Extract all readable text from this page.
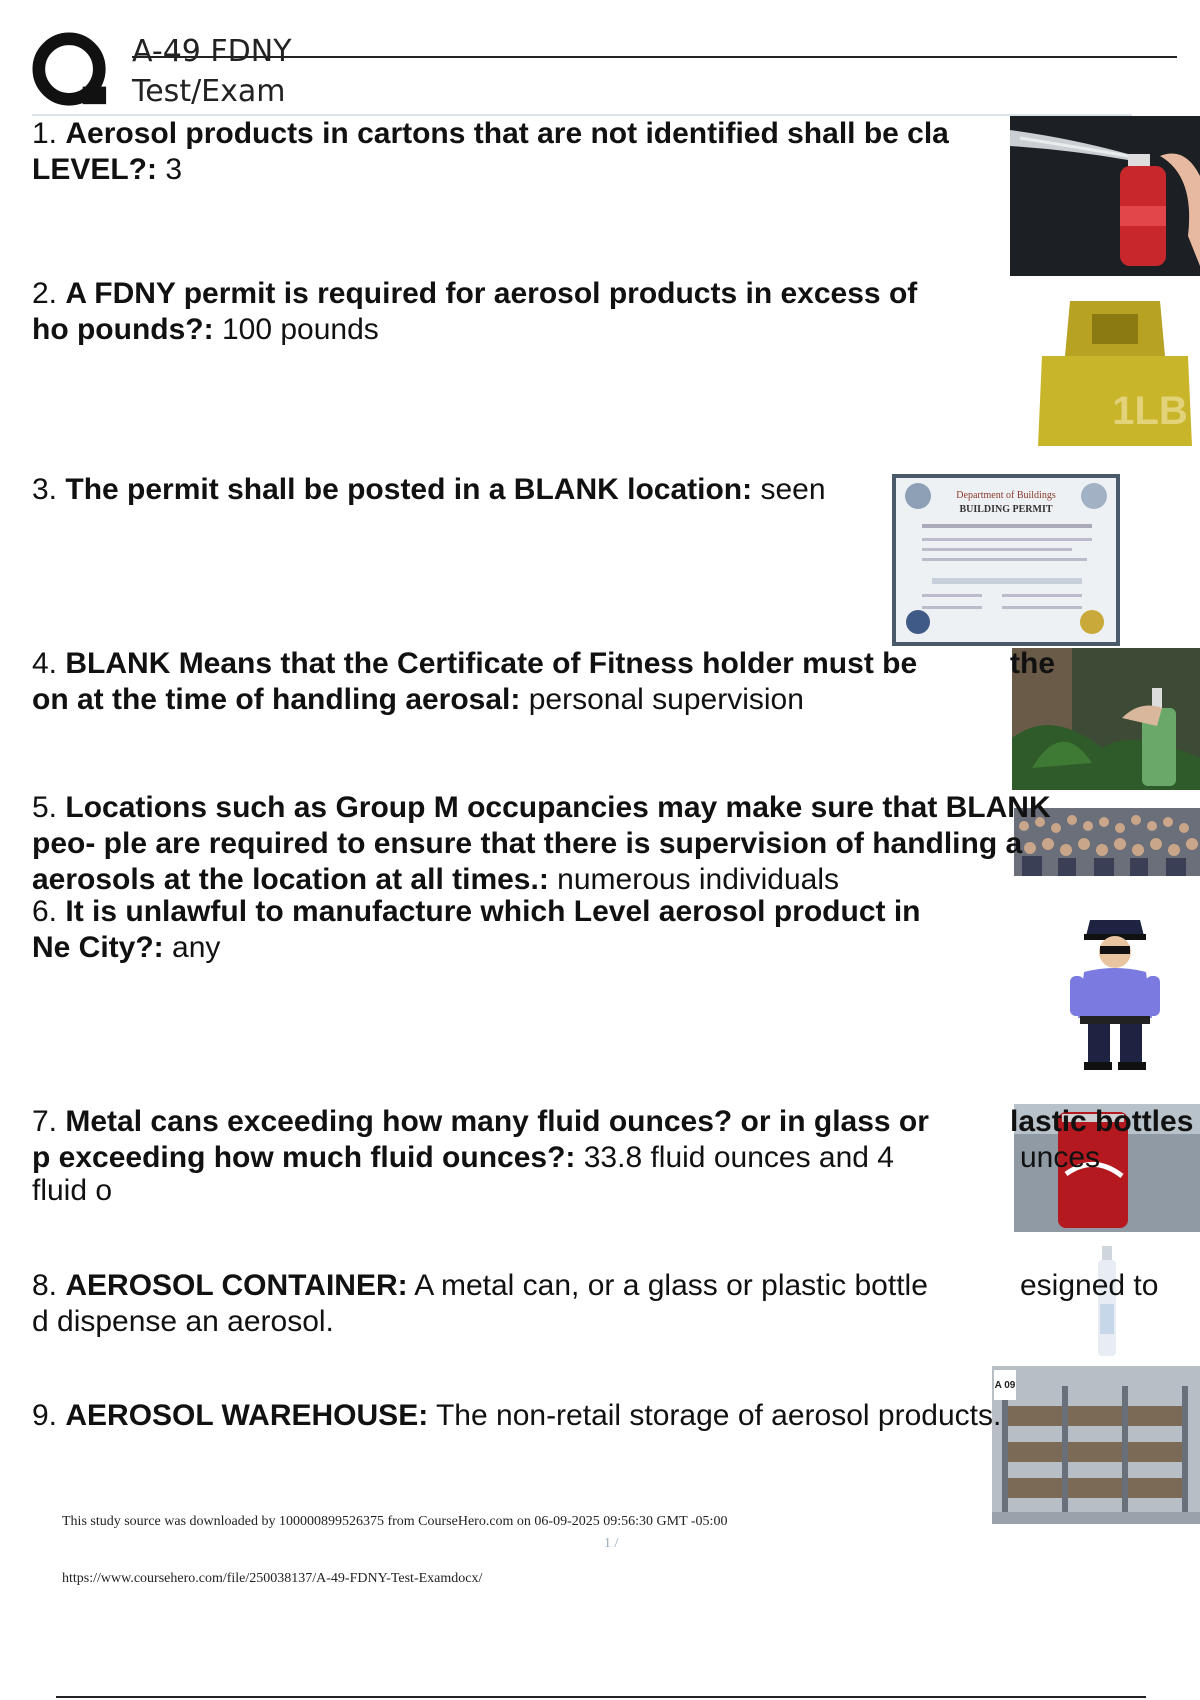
A-49 FDNY
Test/Exam
1LB
Department of Buildings
BUILDING PERMIT
A 09
1. Aerosol products in cartons that are not identified shall be cla
LEVEL?: 3
2. A FDNY permit is required for aerosol products in excess of
ho pounds?: 100 pounds
3. The permit shall be posted in a BLANK location: seen
4. BLANK Means that the Certificate of Fitness holder must be
on at the time of handling aerosal: personal supervision
the
5. Locations such as Group M occupancies may make sure that BLANK
peo- ple are required to ensure that there is supervision of handling a
aerosols at the location at all times.: numerous individuals
6. It is unlawful to manufacture which Level aerosol product in
Ne City?: any
7. Metal cans exceeding how many fluid ounces? or in glass or
p exceeding how much fluid ounces?: 33.8 fluid ounces and 4
fluid o
lastic bottles
unces
8. AEROSOL CONTAINER: A metal can, or a glass or plastic bottle
d dispense an aerosol.
esigned to
9. AEROSOL WAREHOUSE: The non-retail storage of aerosol products.
This study source was downloaded by 100000899526375 from CourseHero.com on 06-09-2025 09:56:30 GMT -05:00
1 /
https://www.coursehero.com/file/250038137/A-49-FDNY-Test-Examdocx/
